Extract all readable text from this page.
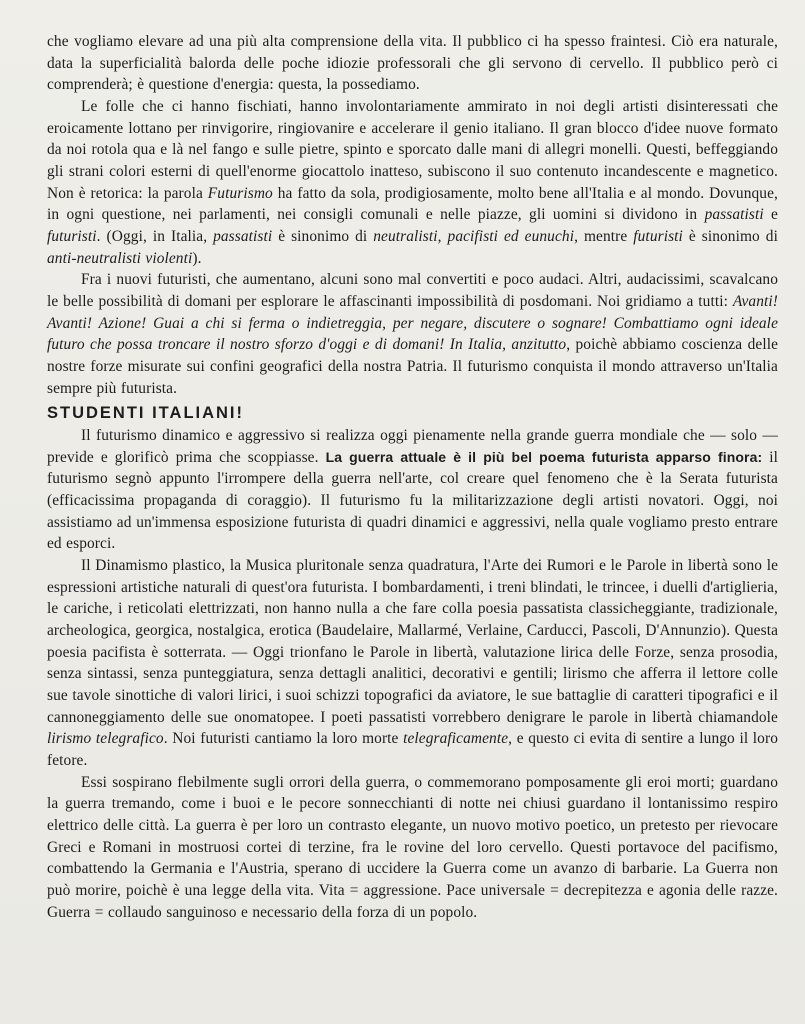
che vogliamo elevare ad una più alta comprensione della vita. Il pubblico ci ha spesso fraintesi. Ciò era naturale, data la superficialità balorda delle poche idiozie professorali che gli servono di cervello. Il pubblico però ci comprenderà; è questione d'energia: questa, la possediamo.

Le folle che ci hanno fischiati, hanno involontariamente ammirato in noi degli artisti disinteressati che eroicamente lottano per rinvigorire, ringiovanire e accelerare il genio italiano. Il gran blocco d'idee nuove formato da noi rotola qua e là nel fango e sulle pietre, spinto e sporcato dalle mani di allegri monelli. Questi, beffeggiando gli strani colori esterni di quell'enorme giocattolo inatteso, subiscono il suo contenuto incandescente e magnetico. Non è retorica: la parola Futurismo ha fatto da sola, prodigiosamente, molto bene all'Italia e al mondo. Dovunque, in ogni questione, nei parlamenti, nei consigli comunali e nelle piazze, gli uomini si dividono in passatisti e futuristi. (Oggi, in Italia, passatisti è sinonimo di neutralisti, pacifisti ed eunuchi, mentre futuristi è sinonimo di anti-neutralisti violenti).

Fra i nuovi futuristi, che aumentano, alcuni sono mal convertiti e poco audaci. Altri, audacissimi, scavalcano le belle possibilità di domani per esplorare le affascinanti impossibilità di posdomani. Noi gridiamo a tutti: Avanti! Avanti! Azione! Guai a chi si ferma o indietreggia, per negare, discutere o sognare! Combattiamo ogni ideale futuro che possa troncare il nostro sforzo d'oggi e di domani! In Italia, anzitutto, poichè abbiamo coscienza delle nostre forze misurate sui confini geografici della nostra Patria. Il futurismo conquista il mondo attraverso un'Italia sempre più futurista.

STUDENTI ITALIANI!

Il futurismo dinamico e aggressivo si realizza oggi pienamente nella grande guerra mondiale che — solo — previde e glorificò prima che scoppiasse. La guerra attuale è il più bel poema futurista apparso finora: il futurismo segnò appunto l'irrompere della guerra nell'arte, col creare quel fenomeno che è la Serata futurista (efficacissima propaganda di coraggio). Il futurismo fu la militarizzazione degli artisti novatori. Oggi, noi assistiamo ad un'immensa esposizione futurista di quadri dinamici e aggressivi, nella quale vogliamo presto entrare ed esporci.

Il Dinamismo plastico, la Musica pluritonale senza quadratura, l'Arte dei Rumori e le Parole in libertà sono le espressioni artistiche naturali di quest'ora futurista. I bombardamenti, i treni blindati, le trincee, i duelli d'artiglieria, le cariche, i reticolati elettrizzati, non hanno nulla a che fare colla poesia passatista classicheggiante, tradizionale, archeologica, georgica, nostalgica, erotica (Baudelaire, Mallarmé, Verlaine, Carducci, Pascoli, D'Annunzio). Questa poesia pacifista è sotterrata. — Oggi trionfano le Parole in libertà, valutazione lirica delle Forze, senza prosodia, senza sintassi, senza punteggiatura, senza dettagli analitici, decorativi e gentili; lirismo che afferra il lettore colle sue tavole sinottiche di valori lirici, i suoi schizzi topografici da aviatore, le sue battaglie di caratteri tipografici e il cannoneggiamento delle sue onomatopee. I poeti passatisti vorrebbero denigrare le parole in libertà chiamandole lirismo telegrafico. Noi futuristi cantiamo la loro morte telegraficamente, e questo ci evita di sentire a lungo il loro fetore.

Essi sospirano flebilmente sugli orrori della guerra, o commemorano pomposamente gli eroi morti; guardano la guerra tremando, come i buoi e le pecore sonnecchianti di notte nei chiusi guardano il lontanissimo respiro elettrico delle città. La guerra è per loro un contrasto elegante, un nuovo motivo poetico, un pretesto per rievocare Greci e Romani in mostruosi cortei di terzine, fra le rovine del loro cervello. Questi portavoce del pacifismo, combattendo la Germania e l'Austria, sperano di uccidere la Guerra come un avanzo di barbarie. La Guerra non può morire, poichè è una legge della vita. Vita = aggressione. Pace universale = decrepitezza e agonia delle razze. Guerra = collaudo sanguinoso e necessario della forza di un popolo.
